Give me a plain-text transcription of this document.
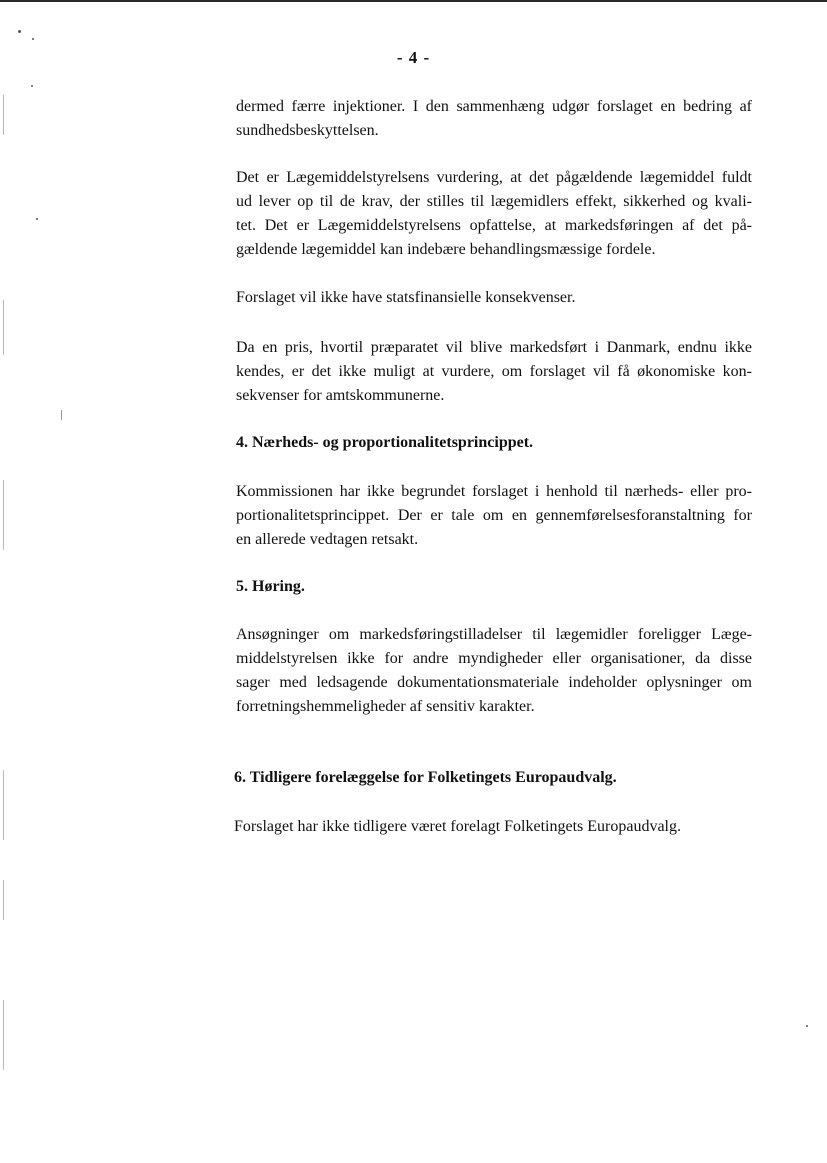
- 4 -
dermed færre injektioner. I den sammenhæng udgør forslaget en bedring af
sundhedsbeskyttelsen.
Det er Lægemiddelstyrelsens vurdering, at det pågældende lægemiddel fuldt
ud lever op til de krav, der stilles til lægemidlers effekt, sikkerhed og kvali-
tet. Det er Lægemiddelstyrelsens opfattelse, at markedsføringen af det på-
gældende lægemiddel kan indebære behandlingsmæssige fordele.
Forslaget vil ikke have statsfinansielle konsekvenser.
Da en pris, hvortil præparatet vil blive markedsført i Danmark, endnu ikke
kendes, er det ikke muligt at vurdere, om forslaget vil få økonomiske kon-
sekvenser for amtskommunerne.

4. Nærheds- og proportionalitetsprincippet.

Kommissionen har ikke begrundet forslaget i henhold til nærheds- eller pro-
portionalitetsprincippet. Der er tale om en gennemførelsesforanstaltning for
en allerede vedtagen retsakt.

5. Høring.

Ansøgninger om markedsføringstilladelser til lægemidler foreligger Læge-
middelstyrelsen ikke for andre myndigheder eller organisationer, da disse
sager med ledsagende dokumentationsmateriale indeholder oplysninger om
forretningshemmeligheder af sensitiv karakter.

6. Tidligere forelæggelse for Folketingets Europaudvalg.

Forslaget har ikke tidligere været forelagt Folketingets Europaudvalg.
